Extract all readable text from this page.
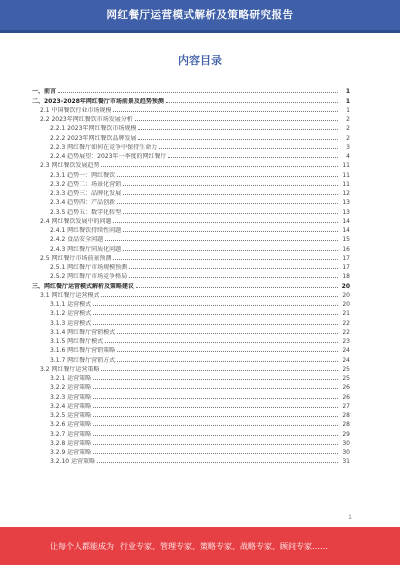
网红餐厅运营模式解析及策略研究报告
内容目录
一、前言	1
二、2023-2028年网红餐厅市场前景及趋势预测	1
2.1 中国餐饮行业市场规模	1
2.2 2023年网红餐饮市场发展分析	2
2.2.1 2023年网红餐饮市场规模	2
2.2.2 2023年网红餐饮品牌发展	2
2.2.3 网红餐厅如何在竞争中保持生命力	3
2.2.4 趋势展望：2023年一季度的网红餐厅	4
2.3 网红餐饮发展趋势	11
2.3.1 趋势一：网红餐饮	11
2.3.2 趋势二：场景化营销	11
2.3.3 趋势三：品牌化发展	12
2.3.4 趋势四：产品创新	13
2.3.5 趋势五：数字化转型	13
2.4 网红餐饮发展中的问题	14
2.4.1 网红餐饮持续性问题	14
2.4.2 食品安全问题	15
2.4.3 网红餐厅同质化问题	16
2.5 网红餐厅市场前景预测	17
2.5.1 网红餐厅市场规模预测	17
2.5.2 网红餐厅市场竞争格局	18
三、网红餐厅运营模式解析及策略建议	20
3.1 网红餐厅运营模式	20
3.1.1 运营模式	20
3.1.2 运营模式	21
3.1.3 运营模式	22
3.1.4 网红餐厅营销模式	22
3.1.5 网红餐厅模式	23
3.1.6 网红餐厅营销策略	24
3.1.7 网红餐厅营销方式	24
3.2 网红餐厅运营策略	25
3.2.1 运营策略	25
3.2.2 运营策略	26
3.2.3 运营策略	26
3.2.4 运营策略	27
3.2.5 运营策略	28
3.2.6 运营策略	28
3.2.7 运营策略	29
3.2.8 运营策略	30
3.2.9 运营策略	30
3.2.10 运营策略	31
1
让每个人都能成为 行业专家、管理专家、策略专家、战略专家、顾问专家……
